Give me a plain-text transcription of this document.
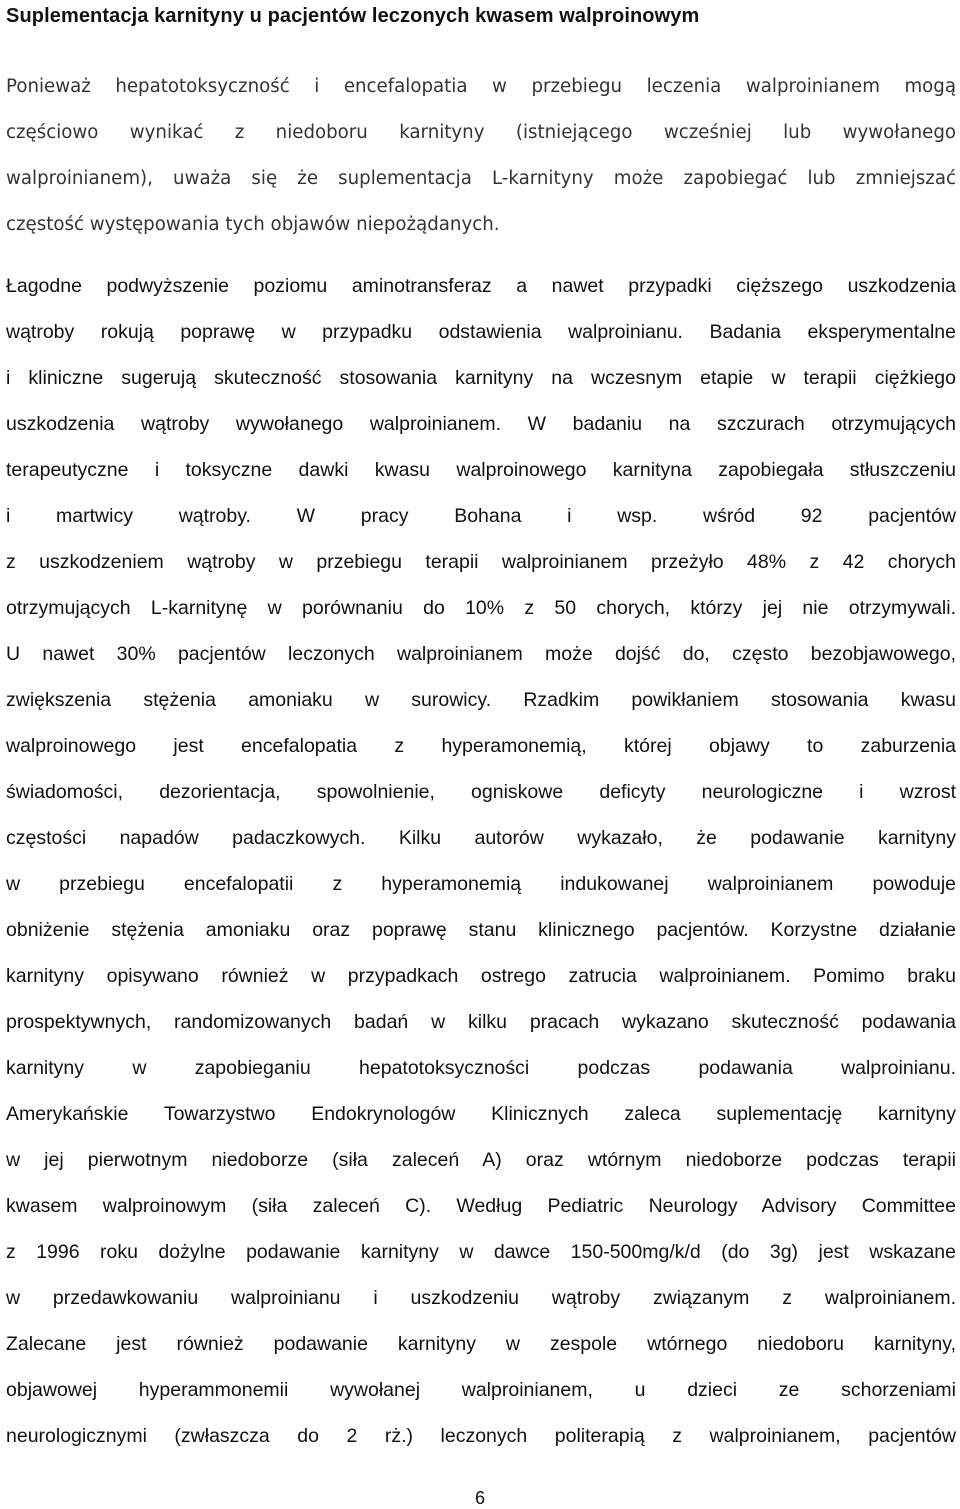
Suplementacja karnityny u pacjentów leczonych kwasem walproinowym
Ponieważ hepatotoksyczność i encefalopatia w przebiegu leczenia walproinianem mogą
częściowo wynikać z niedoboru karnityny (istniejącego wcześniej lub wywołanego
walproinianem), uważa się że suplementacja L-karnityny może zapobiegać lub zmniejszać
częstość występowania tych objawów niepożądanych.
Łagodne podwyższenie poziomu aminotransferaz a nawet przypadki cięższego uszkodzenia
wątroby rokują poprawę w przypadku odstawienia walproinianu. Badania eksperymentalne
i kliniczne sugerują skuteczność stosowania karnityny na wczesnym etapie w terapii ciężkiego
uszkodzenia wątroby wywołanego walproinianem. W badaniu na szczurach otrzymujących
terapeutyczne i toksyczne dawki kwasu walproinowego karnityna zapobiegała stłuszczeniu
i martwicy wątroby. W pracy Bohana i wsp. wśród 92 pacjentów
z uszkodzeniem wątroby w przebiegu terapii walproinianem przeżyło 48% z 42 chorych
otrzymujących L-karnitynę w porównaniu do 10% z 50 chorych, którzy jej nie otrzymywali.
U nawet 30% pacjentów leczonych walproinianem może dojść do, często bezobjawowego,
zwiększenia stężenia amoniaku w surowicy. Rzadkim powikłaniem stosowania kwasu
walproinowego jest encefalopatia z hyperamonemią, której objawy to zaburzenia
świadomości, dezorientacja, spowolnienie, ogniskowe deficyty neurologiczne i wzrost
częstości napadów padaczkowych. Kilku autorów wykazało, że podawanie karnityny
w przebiegu encefalopatii z hyperamonemią indukowanej walproinianem powoduje
obniżenie stężenia amoniaku oraz poprawę stanu klinicznego pacjentów. Korzystne działanie
karnityny opisywano również w przypadkach ostrego zatrucia walproinianem. Pomimo braku
prospektywnych, randomizowanych badań w kilku pracach wykazano skuteczność podawania
karnityny w zapobieganiu hepatotoksyczności podczas podawania walproinianu.
Amerykańskie Towarzystwo Endokrynologów Klinicznych zaleca suplementację karnityny
w jej pierwotnym niedoborze (siła zaleceń A) oraz wtórnym niedoborze podczas terapii
kwasem walproinowym (siła zaleceń C). Według Pediatric Neurology Advisory Committee
z 1996 roku dożylne podawanie karnityny w dawce 150-500mg/k/d (do 3g) jest wskazane
w przedawkowaniu walproinianu i uszkodzeniu wątroby związanym z walproinianem.
Zalecane jest również podawanie karnityny w zespole wtórnego niedoboru karnityny,
objawowej hyperammonemii wywołanej walproinianem, u dzieci ze schorzeniami
neurologicznymi (zwłaszcza do 2 rż.) leczonych politerapią z walproinianem, pacjentów
6
